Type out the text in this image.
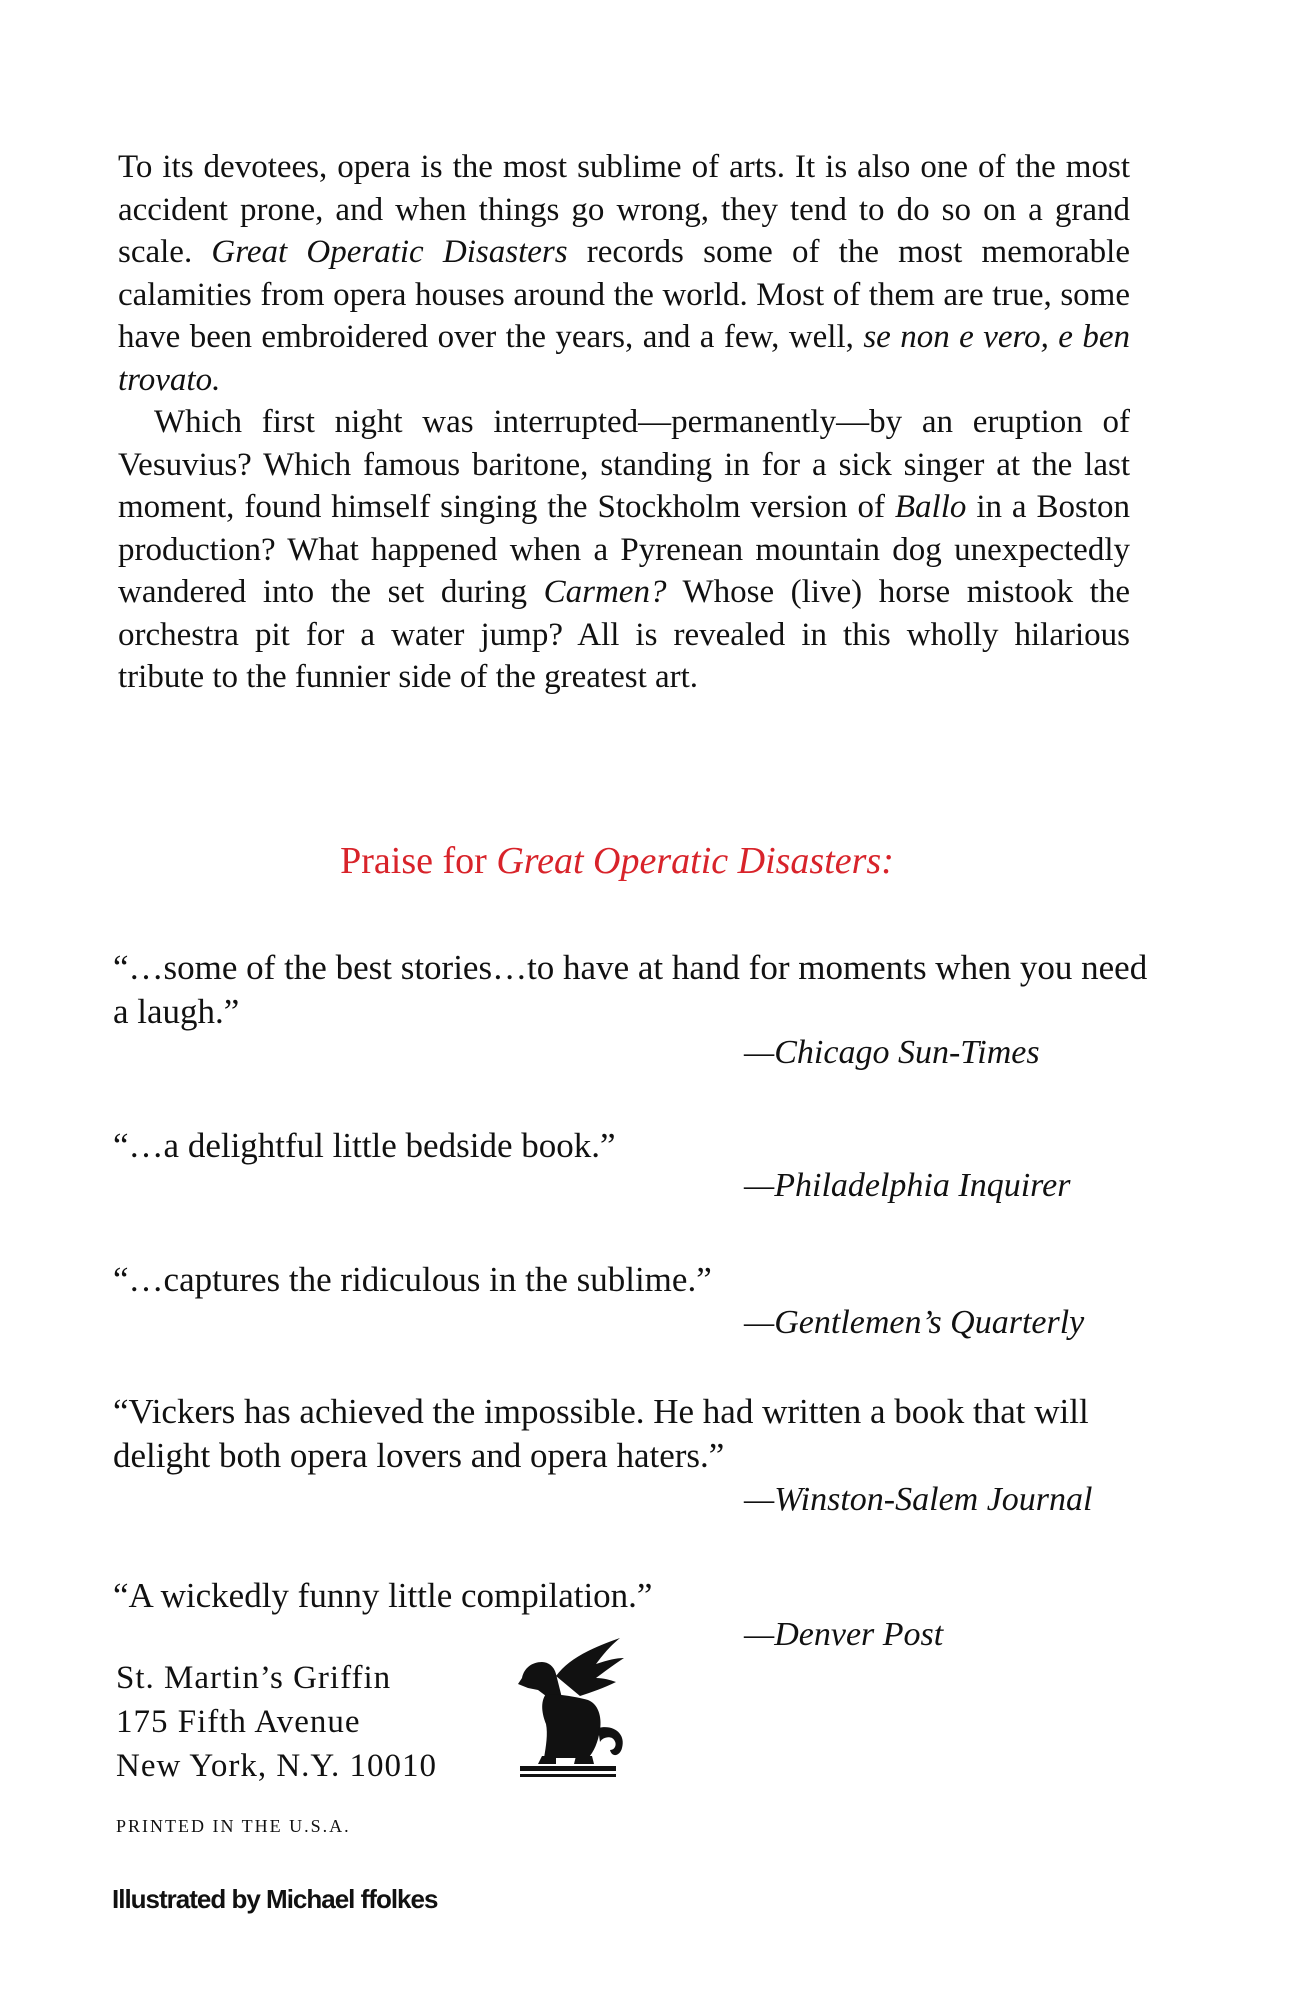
To its devotees, opera is the most sublime of arts. It is also one of the most accident prone, and when things go wrong, they tend to do so on a grand scale. Great Operatic Disasters records some of the most memorable calamities from opera houses around the world. Most of them are true, some have been embroidered over the years, and a few, well, se non e vero, e ben trovato.

Which first night was interrupted—permanently—by an eruption of Vesuvius? Which famous baritone, standing in for a sick singer at the last moment, found himself singing the Stockholm version of Ballo in a Boston production? What happened when a Pyrenean mountain dog unexpectedly wandered into the set during Carmen? Whose (live) horse mistook the orchestra pit for a water jump? All is revealed in this wholly hilarious tribute to the funnier side of the greatest art.

Praise for Great Operatic Disasters:

“…some of the best stories…to have at hand for moments when you need a laugh.”

—Chicago Sun-Times

“…a delightful little bedside book.”

—Philadelphia Inquirer

“…captures the ridiculous in the sublime.”

—Gentlemen’s Quarterly

“Vickers has achieved the impossible. He had written a book that will delight both opera lovers and opera haters.”

—Winston-Salem Journal

“A wickedly funny little compilation.”

—Denver Post
St. Martin’s Griffin
175 Fifth Avenue
New York, N.Y. 10010
PRINTED IN THE U.S.A.
Illustrated by Michael ffolkes
